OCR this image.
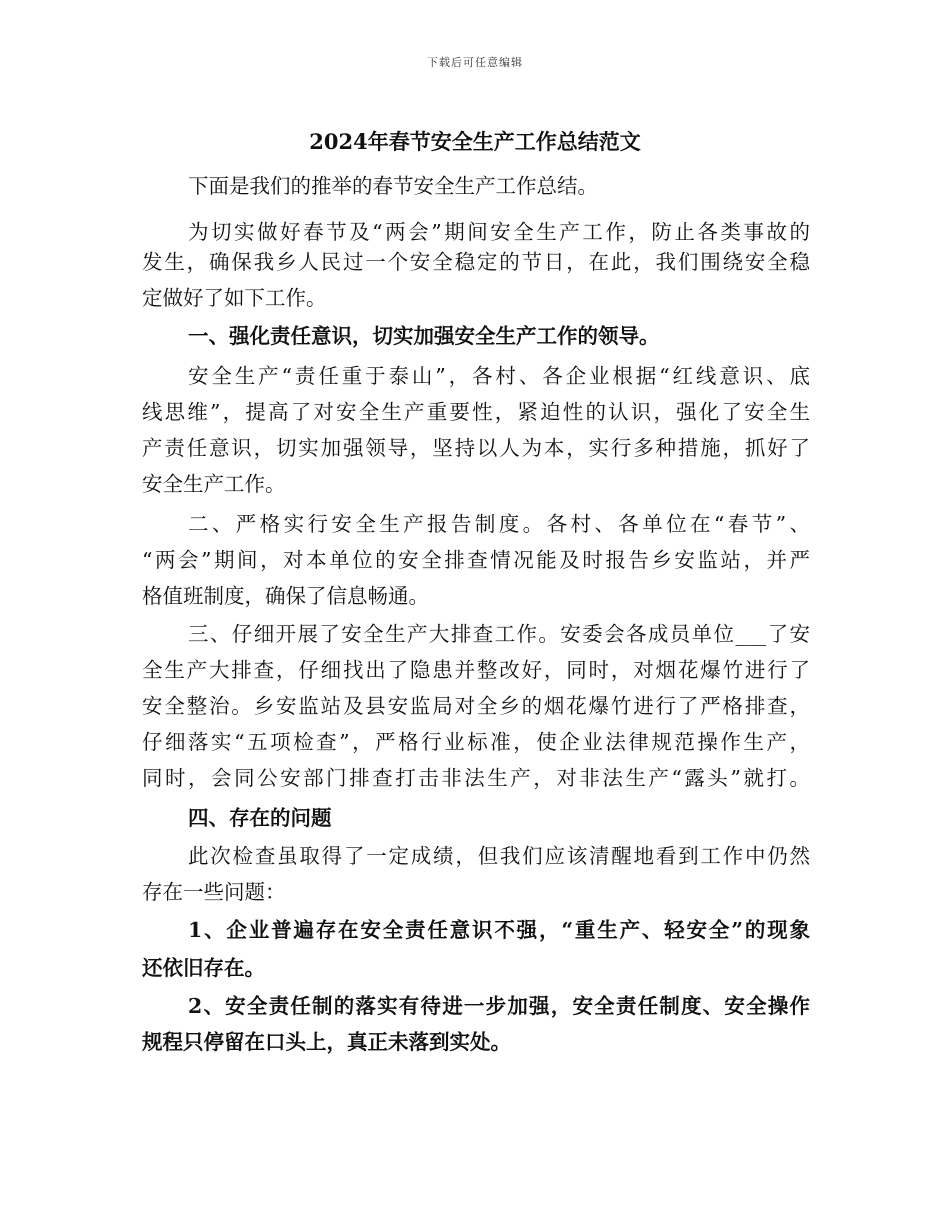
下载后可任意编辑
2024年春节安全生产工作总结范文
下面是我们的推举的春节安全生产工作总结。
为切实做好春节及“两会”期间安全生产工作，防止各类事故的
发生，确保我乡人民过一个安全稳定的节日，在此，我们围绕安全稳
定做好了如下工作。
一、强化责任意识，切实加强安全生产工作的领导。
安全生产“责任重于泰山”，各村、各企业根据“红线意识、底
线思维”，提高了对安全生产重要性，紧迫性的认识，强化了安全生
产责任意识，切实加强领导，坚持以人为本，实行多种措施，抓好了
安全生产工作。
二、严格实行安全生产报告制度。各村、各单位在“春节”、
“两会”期间，对本单位的安全排查情况能及时报告乡安监站，并严
格值班制度，确保了信息畅通。
三、仔细开展了安全生产大排查工作。安委会各成员单位___了安
全生产大排查，仔细找出了隐患并整改好，同时，对烟花爆竹进行了
安全整治。乡安监站及县安监局对全乡的烟花爆竹进行了严格排查，
仔细落实“五项检查”，严格行业标准，使企业法律规范操作生产，
同时，会同公安部门排查打击非法生产，对非法生产“露头”就打。
四、存在的问题
此次检查虽取得了一定成绩，但我们应该清醒地看到工作中仍然
存在一些问题：
1、企业普遍存在安全责任意识不强，“重生产、轻安全”的现象
还依旧存在。
2、安全责任制的落实有待进一步加强，安全责任制度、安全操作
规程只停留在口头上，真正未落到实处。
